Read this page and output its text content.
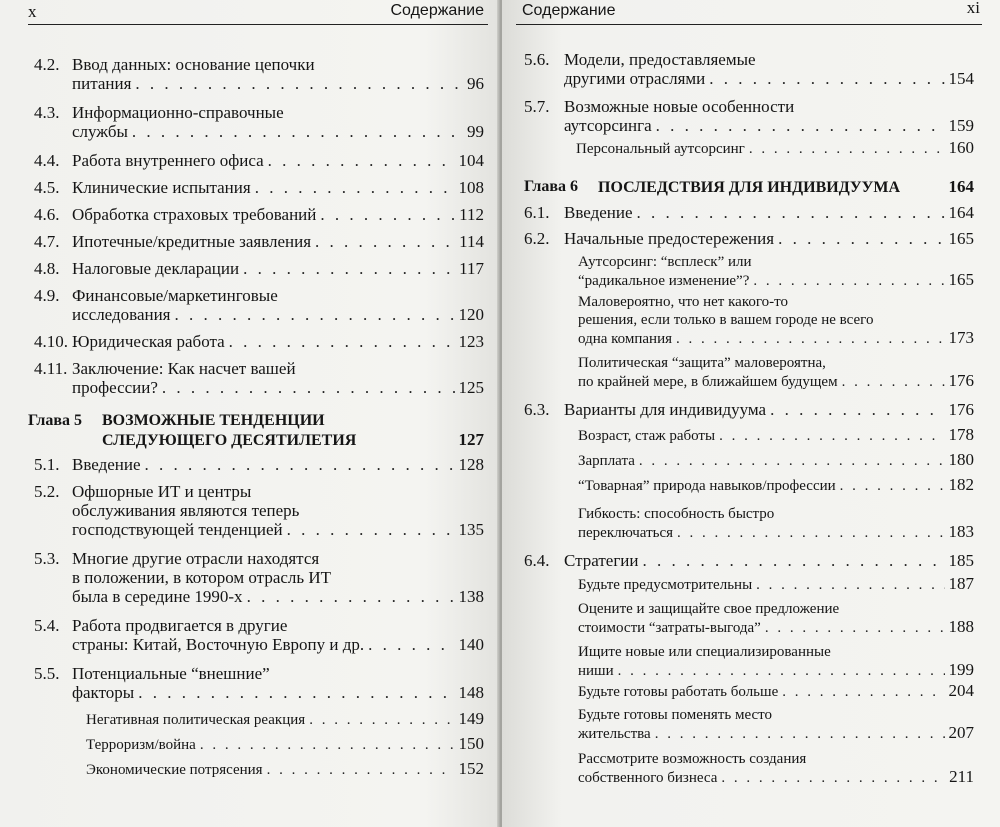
x	Содержание
4.2. Ввод данных: основание цепочки
питания . . .	96
4.3. Информационно-справочные
службы . . .	99
4.4. Работа внутреннего офиса . . .	104
4.5. Клинические испытания . . .	108
4.6. Обработка страховых требований . . .	112
4.7. Ипотечные/кредитные заявления . . .	114
4.8. Налоговые декларации . . .	117
4.9. Финансовые/маркетинговые
исследования . . .	120
4.10. Юридическая работа . . .	123
4.11. Заключение: Как насчет вашей
профессии? . . .	125
Глава 5 ВОЗМОЖНЫЕ ТЕНДЕНЦИИ
СЛЕДУЮЩЕГО ДЕСЯТИЛЕТИЯ	127
5.1. Введение . . .	128
5.2. Офшорные ИТ и центры
обслуживания являются теперь
господствующей тенденцией . . .	135
5.3. Многие другие отрасли находятся
в положении, в котором отрасль ИТ
была в середине 1990-х . . .	138
5.4. Работа продвигается в другие
страны: Китай, Восточную Европу и др. . . .	140
5.5. Потенциальные “внешние”
факторы . . .	148
Негативная политическая реакция . . .	149
Терроризм/война . . .	150
Экономические потрясения . . .	152
Содержание	xi
5.6. Модели, предоставляемые
другими отраслями . . .	154
5.7. Возможные новые особенности
аутсорсинга . . .	159
Персональный аутсорсинг . . .	160
Глава 6 ПОСЛЕДСТВИЯ ДЛЯ ИНДИВИДУУМА	164
6.1. Введение . . .	164
6.2. Начальные предостережения . . .	165
Аутсорсинг: “всплеск” или
“радикальное изменение”? . . .	165
Маловероятно, что нет какого-то
решения, если только в вашем городе не всего
одна компания . . .	173
Политическая “защита” маловероятна,
по крайней мере, в ближайшем будущем . . .	176
6.3. Варианты для индивидуума . . .	176
Возраст, стаж работы . . .	178
Зарплата . . .	180
“Товарная” природа навыков/профессии . . .	182
Гибкость: способность быстро
переключаться . . .	183
6.4. Стратегии . . .	185
Будьте предусмотрительны . . .	187
Оцените и защищайте свое предложение
стоимости “затраты-выгода” . . .	188
Ищите новые или специализированные
ниши . . .	199
Будьте готовы работать больше . . .	204
Будьте готовы поменять место
жительства . . .	207
Рассмотрите возможность создания
собственного бизнеса . . .	211
